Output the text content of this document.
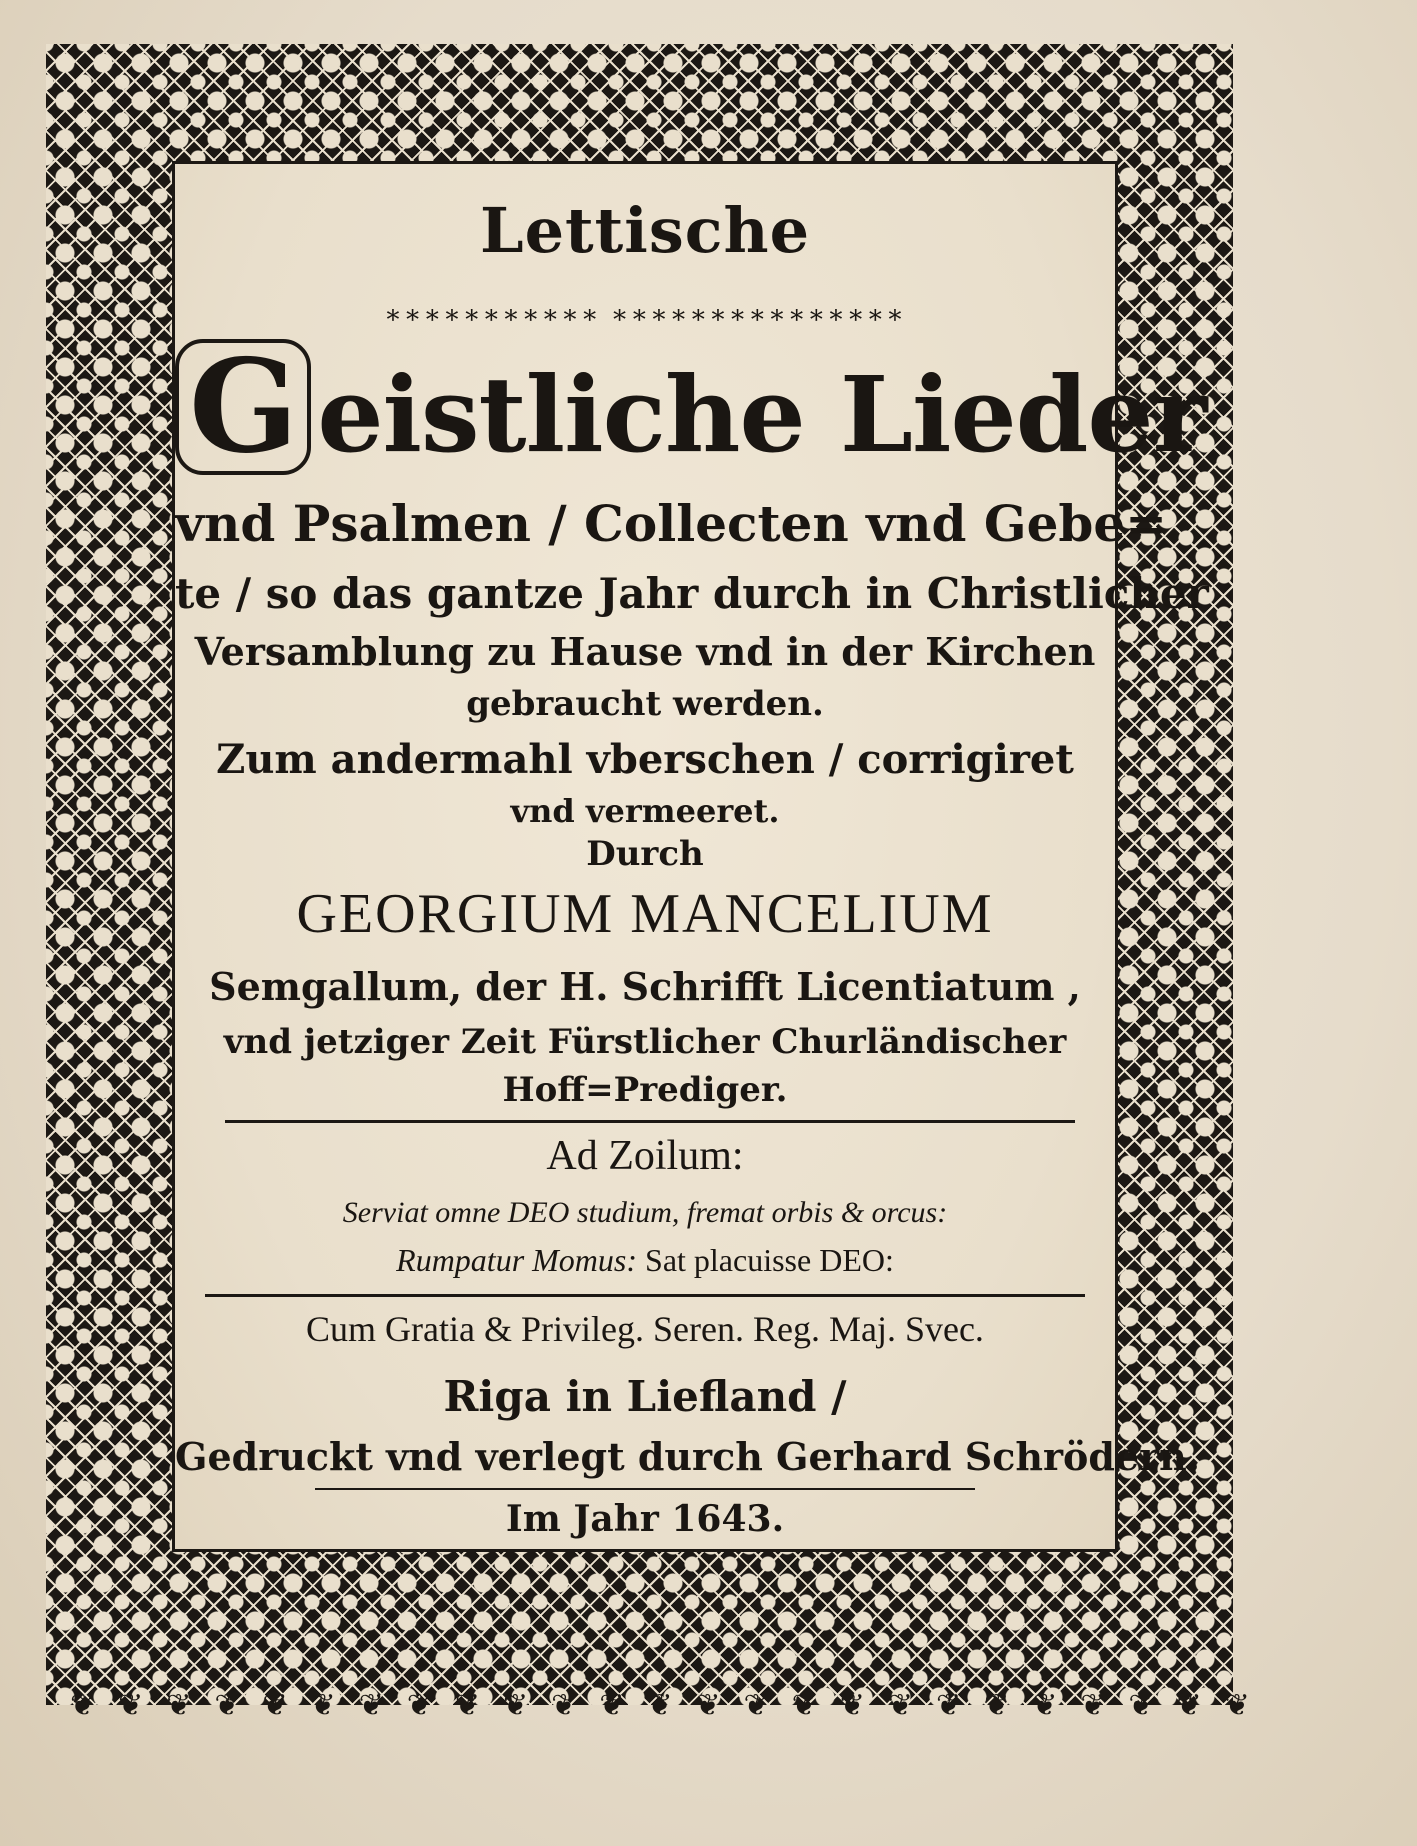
❦ ❦ ❦ ❦ ❦ ❦ ❦ ❦ ❦ ❦ ❦ ❦ ❦ ❦ ❦ ❦ ❦ ❦ ❦ ❦ ❦ ❦ ❦ ❦ ❦
Lettische
∗∗∗∗∗∗∗∗∗∗∗ ∗∗∗∗∗∗∗∗∗∗∗∗∗∗∗
G eistliche Lieder
vnd Psalmen / Collecten vnd Gebe=
te / so das gantze Jahr durch in Christlicher
Versamblung zu Hause vnd in der Kirchen
gebraucht werden.
Zum andermahl vberschen / corrigiret
vnd vermeeret.
Durch
GEORGIUM MANCELIUM
Semgallum, der H. Schrifft Licentiatum ,
vnd jetziger Zeit Fürstlicher Churländischer
Hoff=Prediger.
Ad Zoilum:
Serviat omne DEO studium, fremat orbis & orcus:
Rumpatur Momus: Sat placuisse DEO:
Cum Gratia & Privileg. Seren. Reg. Maj. Svec.
Riga in Liefland /
Gedruckt vnd verlegt durch Gerhard Schrödern.
Im Jahr 1643.
